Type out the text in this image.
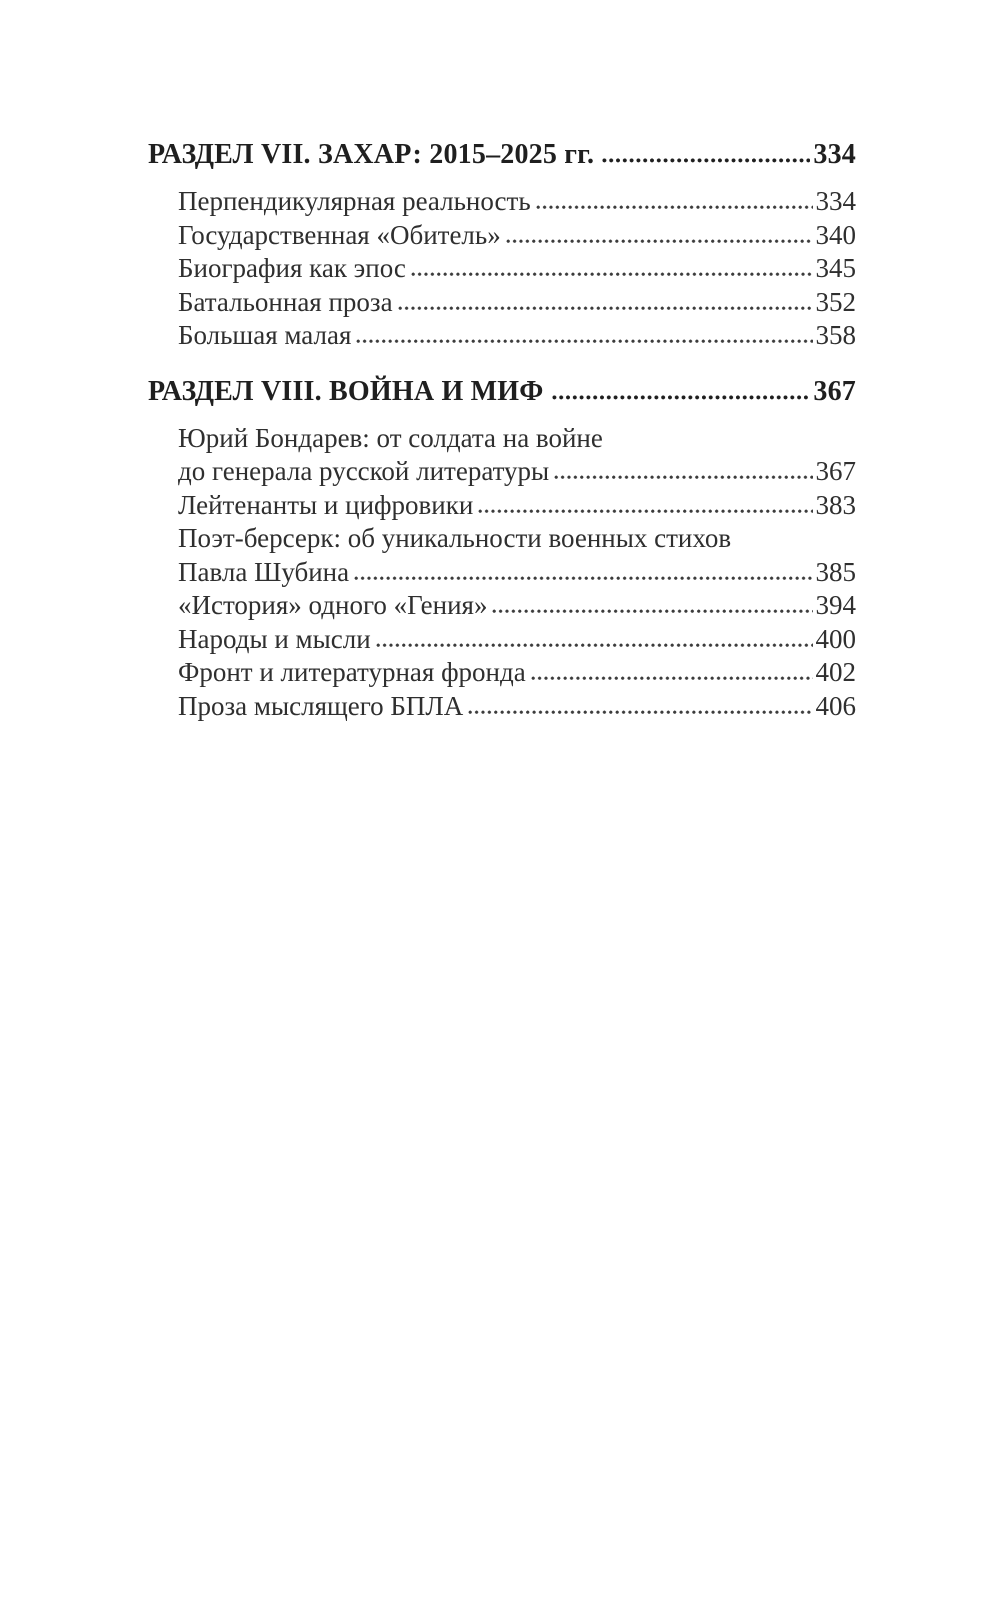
РАЗДЕЛ VII. ЗАХАР: 2015–2025 гг.	334
Перпендикулярная реальность	334
Государственная «Обитель»	340
Биография как эпос	345
Батальонная проза	352
Большая малая	358
РАЗДЕЛ VIII. ВОЙНА И МИФ	367
Юрий Бондарев: от солдата на войне
до генерала русской литературы	367
Лейтенанты и цифровики	383
Поэт-берсерк: об уникальности военных стихов
Павла Шубина	385
«История» одного «Гения»	394
Народы и мысли	400
Фронт и литературная фронда	402
Проза мыслящего БПЛА	406
